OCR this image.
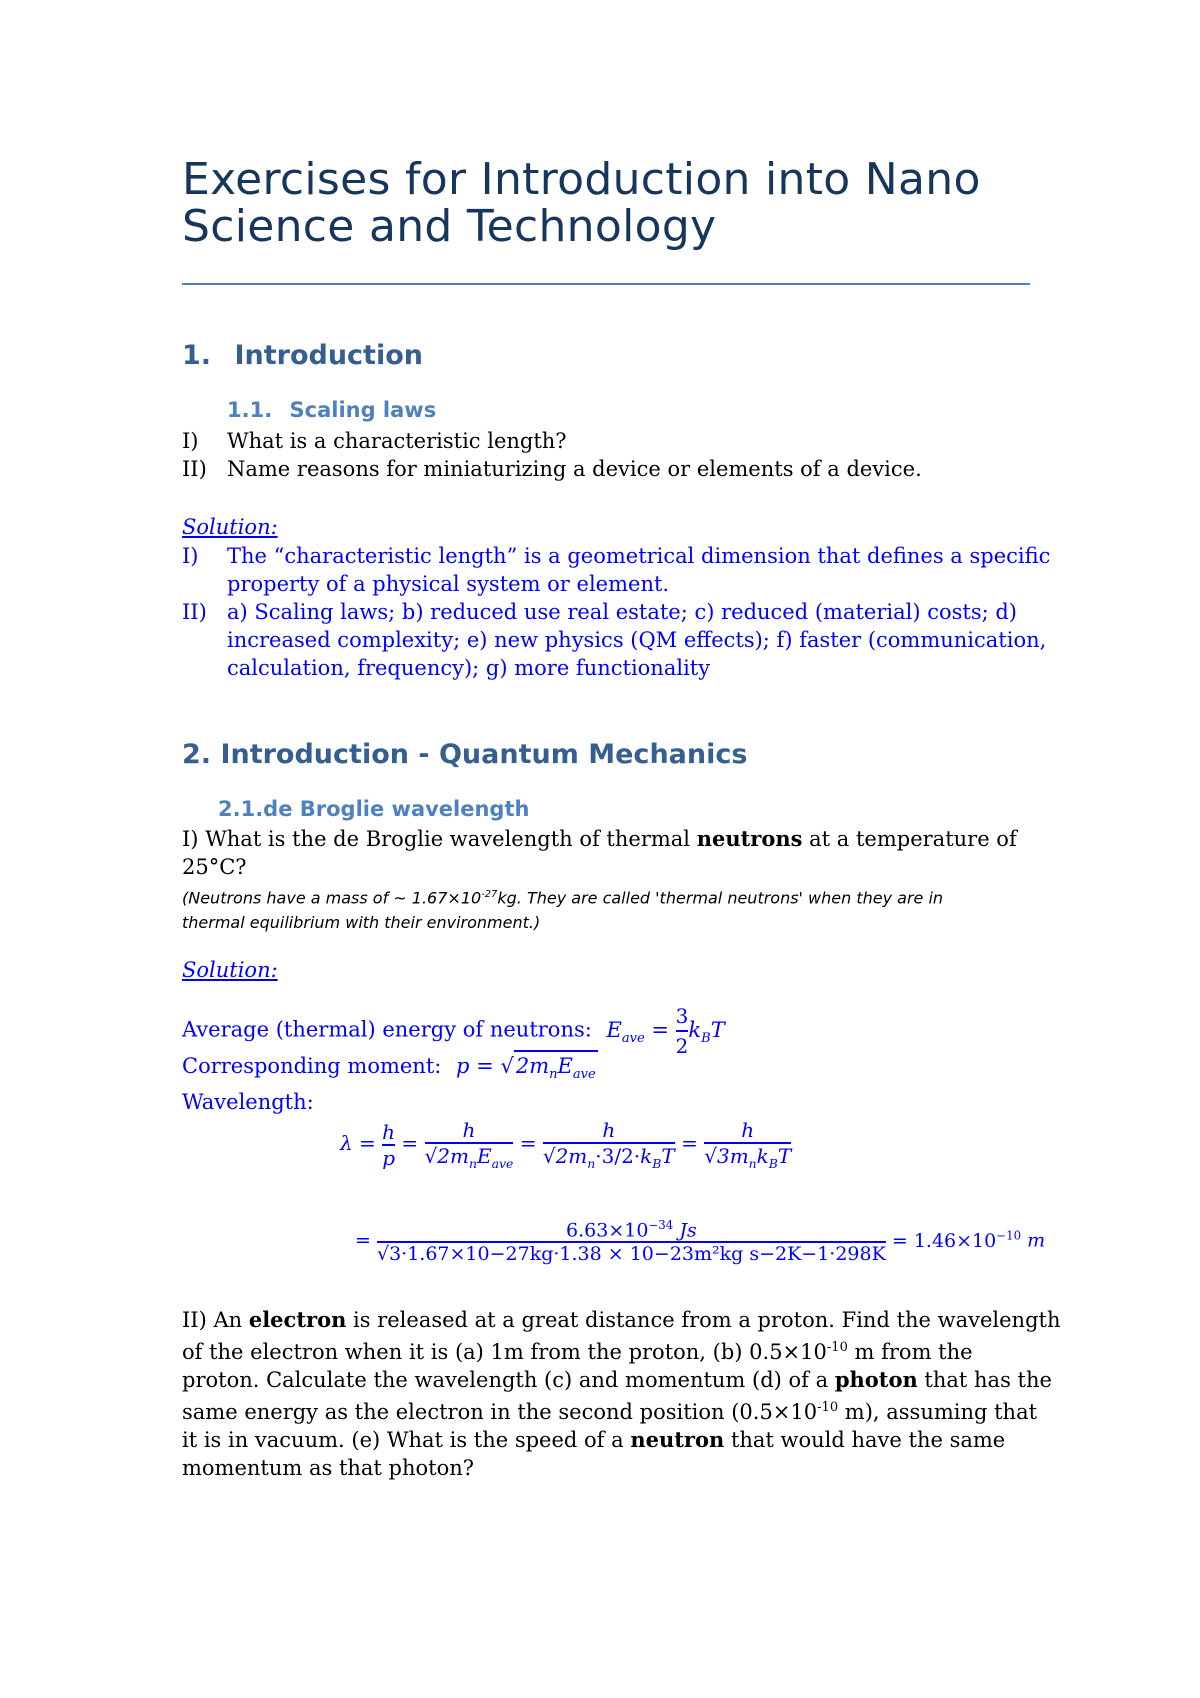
Exercises for Introduction into Nano
Science and Technology
1. Introduction
1.1. Scaling laws
I) What is a characteristic length?
II) Name reasons for miniaturizing a device or elements of a device.
Solution:
I) The “characteristic length” is a geometrical dimension that defines a specific
property of a physical system or element.
II) a) Scaling laws; b) reduced use real estate; c) reduced (material) costs; d)
increased complexity; e) new physics (QM effects); f) faster (communication,
calculation, frequency); g) more functionality
2. Introduction - Quantum Mechanics
2.1.de Broglie wavelength
I) What is the de Broglie wavelength of thermal neutrons at a temperature of
25°C?
(Neutrons have a mass of ~ $1.67\times 10^{-27}kg$. They are called 'thermal neutrons' when they are in
thermal equilibrium with their environment.)
Solution:
Average (thermal) energy of neutrons: $E_{ave} = \frac{3}{2} k_BT$
Corresponding moment: $p = √2m_nE_{ave}$
Wavelength:
$\lambda = \frac{h}{p} = \frac{h}{√2m_nE_{ave}} = \frac{h}{√2m_n\cdot 3/2\cdot k_BT} = \frac{h}{√3m_nk_BT}$
= $\frac{6.63\times 10^{-34} Js}{\text{√3·1.67×10−27kg·1.38 × 10−23m²kg s−2K−1·298K}} = 1.46\times 10^{-10}$ m
II) An electron is released at a great distance from a proton. Find the wavelength
of the electron when it is (a) 1m from the proton, (b) $0.5\times 10^{-10}$ m from the
proton. Calculate the wavelength (c) and momentum (d) of a photon that has the
same energy as the electron in the second position ($0.5\times 10^{-10}$ m), assuming that
it is in vacuum. (e) What is the speed of a neutron that would have the same
momentum as that photon?
